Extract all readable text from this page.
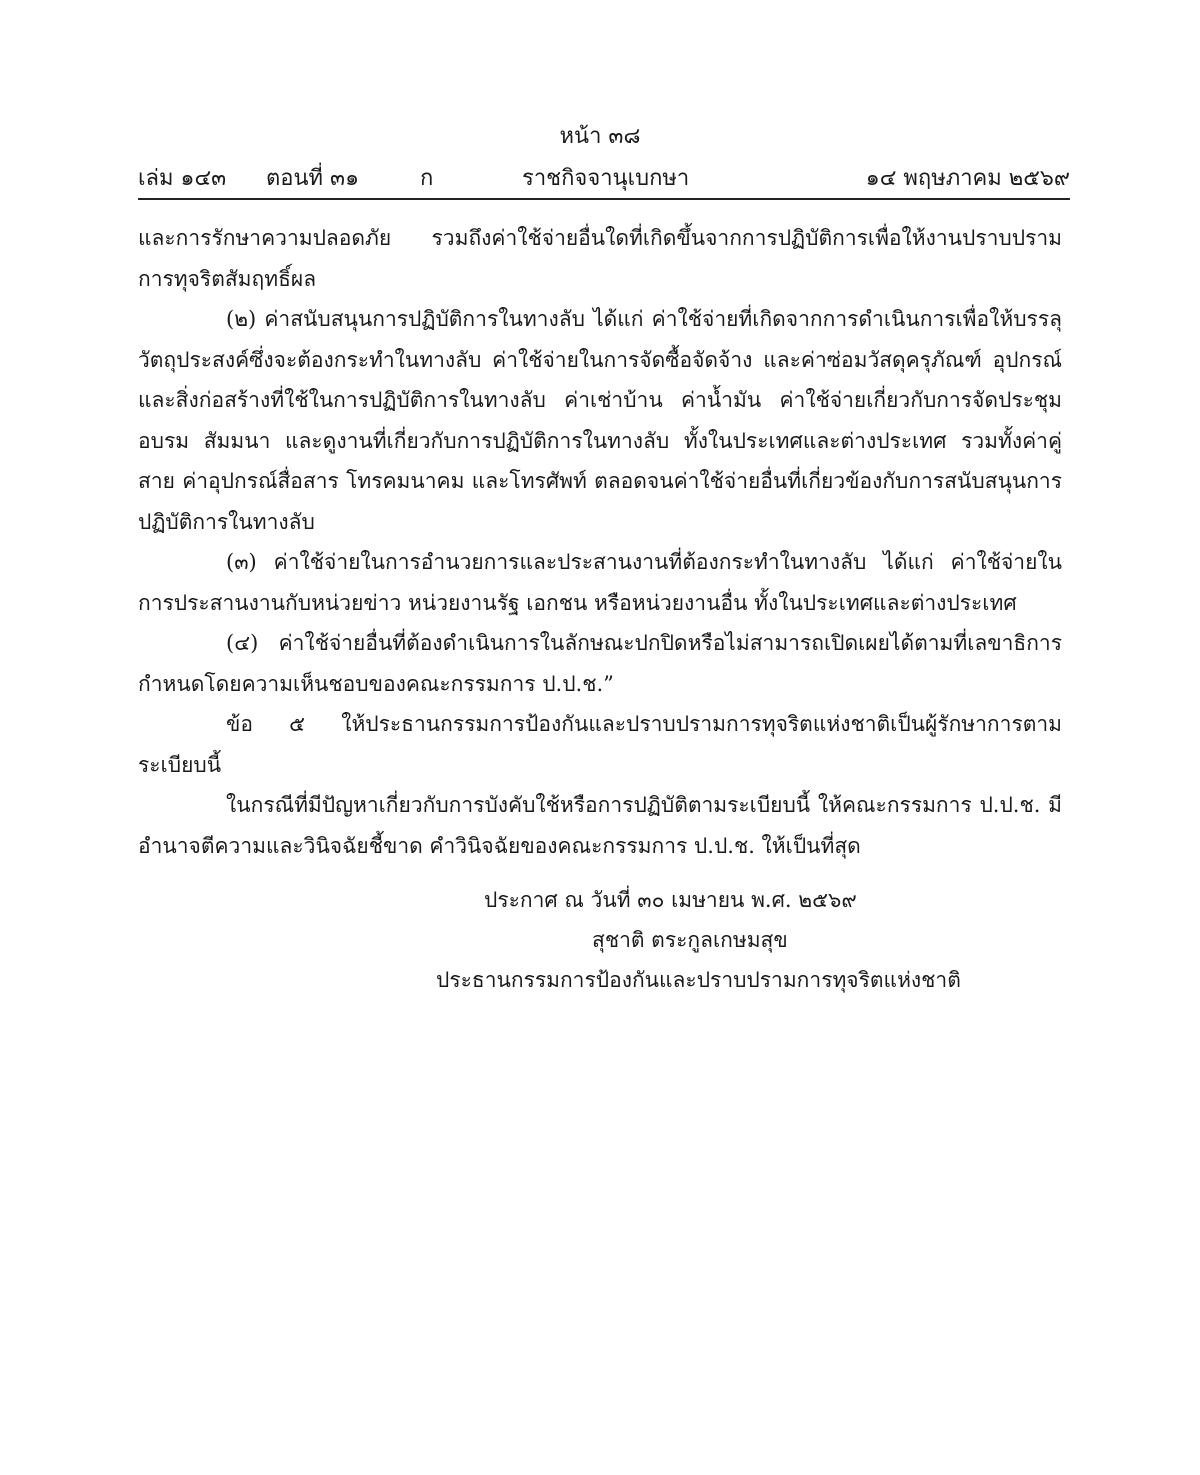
หน้า ๓๘
เล่ม ๑๔๓ ตอนที่ ๓๑	ก	ราชกิจจานุเบกษา	๑๔ พฤษภาคม ๒๕๖๙

และการรักษาความปลอดภัย รวมถึงค่าใช้จ่ายอื่นใดที่เกิดขึ้นจากการปฏิบัติการเพื่อให้งานปราบปรามการทุจริตสัมฤทธิ์ผล

(๒) ค่าสนับสนุนการปฏิบัติการในทางลับ ได้แก่ ค่าใช้จ่ายที่เกิดจากการดำเนินการเพื่อให้บรรลุวัตถุประสงค์ซึ่งจะต้องกระทำในทางลับ ค่าใช้จ่ายในการจัดซื้อจัดจ้าง และค่าซ่อมวัสดุครุภัณฑ์ อุปกรณ์ และสิ่งก่อสร้างที่ใช้ในการปฏิบัติการในทางลับ ค่าเช่าบ้าน ค่าน้ำมัน ค่าใช้จ่ายเกี่ยวกับการจัดประชุม อบรม สัมมนา และดูงานที่เกี่ยวกับการปฏิบัติการในทางลับ ทั้งในประเทศและต่างประเทศ รวมทั้งค่าคู่สาย ค่าอุปกรณ์สื่อสาร โทรคมนาคม และโทรศัพท์ ตลอดจนค่าใช้จ่ายอื่นที่เกี่ยวข้องกับการสนับสนุนการปฏิบัติการในทางลับ

(๓) ค่าใช้จ่ายในการอำนวยการและประสานงานที่ต้องกระทำในทางลับ ได้แก่ ค่าใช้จ่ายในการประสานงานกับหน่วยข่าว หน่วยงานรัฐ เอกชน หรือหน่วยงานอื่น ทั้งในประเทศและต่างประเทศ

(๔) ค่าใช้จ่ายอื่นที่ต้องดำเนินการในลักษณะปกปิดหรือไม่สามารถเปิดเผยได้ตามที่เลขาธิการกำหนดโดยความเห็นชอบของคณะกรรมการ ป.ป.ช.”

ข้อ ๕ ให้ประธานกรรมการป้องกันและปราบปรามการทุจริตแห่งชาติเป็นผู้รักษาการตามระเบียบนี้

ในกรณีที่มีปัญหาเกี่ยวกับการบังคับใช้หรือการปฏิบัติตามระเบียบนี้ ให้คณะกรรมการ ป.ป.ช. มีอำนาจตีความและวินิจฉัยชี้ขาด คำวินิจฉัยของคณะกรรมการ ป.ป.ช. ให้เป็นที่สุด

ประกาศ ณ วันที่ ๓๐ เมษายน พ.ศ. ๒๕๖๙
สุชาติ ตระกูลเกษมสุข
ประธานกรรมการป้องกันและปราบปรามการทุจริตแห่งชาติ
